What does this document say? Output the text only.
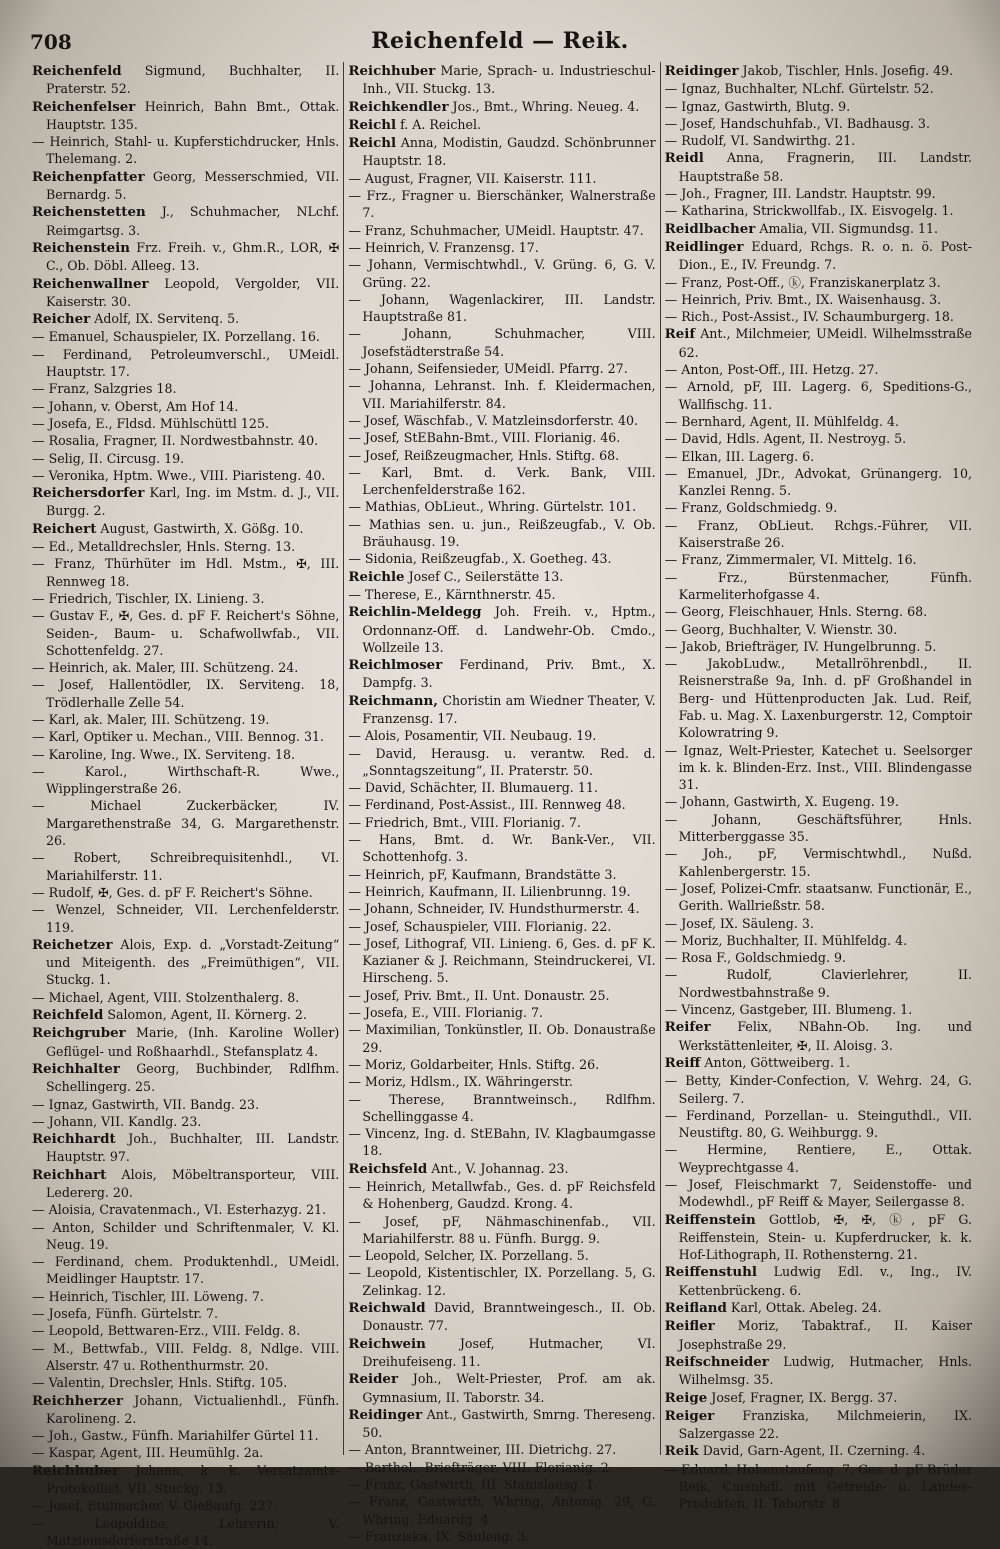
708	Reichenfeld — Reik.
Reichenfeld Sigmund, Buchhalter, II. Praterstr. 52.
Reichenfelser Heinrich, Bahn Bmt., Ottak. Hauptstr. 135.
— Heinrich, Stahl- u. Kupferstichdrucker, Hnls. Thelemang. 2.
Reichenpfatter Georg, Messerschmied, VII. Bernardg. 5.
Reichenstetten J., Schuhmacher, NLchf. Reimgartsg. 3.
Reichenstein Frz. Freih. v., Ghm.R., LOR, ✠ C., Ob. Döbl. Alleeg. 13.
Reichenwallner Leopold, Vergolder, VII. Kaiserstr. 30.
Reicher Adolf, IX. Servitenq. 5.
— Emanuel, Schauspieler, IX. Porzellang. 16.
— Ferdinand, Petroleumverschl., UMeidl. Hauptstr. 17.
— Franz, Salzgries 18.
— Johann, v. Oberst, Am Hof 14.
— Josefa, E., Fldsd. Mühlschüttl 125.
— Rosalia, Fragner, II. Nordwestbahnstr. 40.
— Selig, II. Circusg. 19.
— Veronika, Hptm. Wwe., VIII. Piaristeng. 40.
Reichersdorfer Karl, Ing. im Mstm. d. J., VII. Burgg. 2.
Reichert August, Gastwirth, X. Gößg. 10.
— Ed., Metalldrechsler, Hnls. Sterng. 13.
— Franz, Thürhüter im Hdl. Mstm., ✠, III. Rennweg 18.
— Friedrich, Tischler, IX. Linieng. 3.
— Gustav F., ✠, Ges. d. pF F. Reichert's Söhne, Seiden-, Baum- u. Schafwollwfab., VII. Schottenfeldg. 27.
— Heinrich, ak. Maler, III. Schützeng. 24.
— Josef, Hallentödler, IX. Serviteng. 18, Trödlerhalle Zelle 54.
— Karl, ak. Maler, III. Schützeng. 19.
— Karl, Optiker u. Mechan., VIII. Bennog. 31.
— Karoline, Ing. Wwe., IX. Serviteng. 18.
— Karol., Wirthschaft-R. Wwe., Wipplingerstraße 26.
— Michael Zuckerbäcker, IV. Margarethenstraße 34, G. Margarethenstr. 26.
— Robert, Schreibrequisitenhdl., VI. Mariahilferstr. 11.
— Rudolf, ✠, Ges. d. pF F. Reichert's Söhne.
— Wenzel, Schneider, VII. Lerchenfelderstr. 119.
Reichetzer Alois, Exp. d. „Vorstadt-Zeitung“ und Miteigenth. des „Freimüthigen“, VII. Stuckg. 1.
— Michael, Agent, VIII. Stolzenthalerg. 8.
Reichfeld Salomon, Agent, II. Körnerg. 2.
Reichgruber Marie, (Inh. Karoline Woller) Geflügel- und Roßhaarhdl., Stefansplatz 4.
Reichhalter Georg, Buchbinder, Rdlfhm. Schellingerg. 25.
— Ignaz, Gastwirth, VII. Bandg. 23.
— Johann, VII. Kandlg. 23.
Reichhardt Joh., Buchhalter, III. Landstr. Hauptstr. 97.
Reichhart Alois, Möbeltransporteur, VIII. Ledererg. 20.
— Aloisia, Cravatenmach., VI. Esterhazyg. 21.
— Anton, Schilder und Schriftenmaler, V. Kl. Neug. 19.
— Ferdinand, chem. Produktenhdl., UMeidl. Meidlinger Hauptstr. 17.
— Heinrich, Tischler, III. Löweng. 7.
— Josefa, Fünfh. Gürtelstr. 7.
— Leopold, Bettwaren-Erz., VIII. Feldg. 8.
— M., Bettwfab., VIII. Feldg. 8, Ndlge. VIII. Alserstr. 47 u. Rothenthurmstr. 20.
— Valentin, Drechsler, Hnls. Stiftg. 105.
Reichherzer Johann, Victualienhdl., Fünfh. Karolineng. 2.
— Joh., Gastw., Fünfh. Mariahilfer Gürtel 11.
— Kaspar, Agent, III. Heumühlg. 2a.
Reichhuber Johann, k. k. Versatzamts-Protokollist, VII. Stuckg. 13.
— Josef, Etuimacher, V. Gießaufg. 227.
— Leopoldine, Lehrerin, V. Matzleinsdorferstraße 14.
Reichhuber Marie, Sprach- u. Industrieschul-Inh., VII. Stuckg. 13.
Reichkendler Jos., Bmt., Whring. Neueg. 4.
Reichl f. A. Reichel.
Reichl Anna, Modistin, Gaudzd. Schönbrunner Hauptstr. 18.
— August, Fragner, VII. Kaiserstr. 111.
— Frz., Fragner u. Bierschänker, Walnerstraße 7.
— Franz, Schuhmacher, UMeidl. Hauptstr. 47.
— Heinrich, V. Franzensg. 17.
— Johann, Vermischtwhdl., V. Grüng. 6, G. V. Grüng. 22.
— Johann, Wagenlackirer, III. Landstr. Hauptstraße 81.
— Johann, Schuhmacher, VIII. Josefstädterstraße 54.
— Johann, Seifensieder, UMeidl. Pfarrg. 27.
— Johanna, Lehranst. Inh. f. Kleidermachen, VII. Mariahilferstr. 84.
— Josef, Wäschfab., V. Matzleinsdorferstr. 40.
— Josef, StEBahn-Bmt., VIII. Florianig. 46.
— Josef, Reißzeugmacher, Hnls. Stiftg. 68.
— Karl, Bmt. d. Verk. Bank, VIII. Lerchenfelderstraße 162.
— Mathias, ObLieut., Whring. Gürtelstr. 101.
— Mathias sen. u. jun., Reißzeugfab., V. Ob. Bräuhausg. 19.
— Sidonia, Reißzeugfab., X. Goetheg. 43.
Reichle Josef C., Seilerstätte 13.
— Therese, E., Kärnthnerstr. 45.
Reichlin-Meldegg Joh. Freih. v., Hptm., Ordonnanz-Off. d. Landwehr-Ob. Cmdo., Wollzeile 13.
Reichlmoser Ferdinand, Priv. Bmt., X. Dampfg. 3.
Reichmann, Choristin am Wiedner Theater, V. Franzensg. 17.
— Alois, Posamentir, VII. Neubaug. 19.
— David, Herausg. u. verantw. Red. d. „Sonntagszeitung“, II. Praterstr. 50.
— David, Schächter, II. Blumauerg. 11.
— Ferdinand, Post-Assist., III. Rennweg 48.
— Friedrich, Bmt., VIII. Florianig. 7.
— Hans, Bmt. d. Wr. Bank-Ver., VII. Schottenhofg. 3.
— Heinrich, pF, Kaufmann, Brandstätte 3.
— Heinrich, Kaufmann, II. Lilienbrunng. 19.
— Johann, Schneider, IV. Hundsthurmerstr. 4.
— Josef, Schauspieler, VIII. Florianig. 22.
— Josef, Lithograf, VII. Linieng. 6, Ges. d. pF K. Kazianer & J. Reichmann, Steindruckerei, VI. Hirscheng. 5.
— Josef, Priv. Bmt., II. Unt. Donaustr. 25.
— Josefa, E., VIII. Florianig. 7.
— Maximilian, Tonkünstler, II. Ob. Donaustraße 29.
— Moriz, Goldarbeiter, Hnls. Stiftg. 26.
— Moriz, Hdlsm., IX. Währingerstr.
— Therese, Branntweinsch., Rdlfhm. Schellinggasse 4.
— Vincenz, Ing. d. StEBahn, IV. Klagbaumgasse 18.
Reichsfeld Ant., V. Johannag. 23.
— Heinrich, Metallwfab., Ges. d. pF Reichsfeld & Hohenberg, Gaudzd. Krong. 4.
— Josef, pF, Nähmaschinenfab., VII. Mariahilferstr. 88 u. Fünfh. Burgg. 9.
— Leopold, Selcher, IX. Porzellang. 5.
— Leopold, Kistentischler, IX. Porzellang. 5, G. Zelinkag. 12.
Reichwald David, Branntweingesch., II. Ob. Donaustr. 77.
Reichwein	Josef, Hutmacher, VI. Dreihufeiseng. 11.
Reider Joh., Welt-Priester, Prof. am ak. Gymnasium, II. Taborstr. 34.
Reidinger Ant., Gastwirth, Smrng. Thereseng. 50.
— Anton, Branntweiner, III. Dietrichg. 27.
— Barthol., Briefträger, VIII. Florianig. 2.
— Franz, Gastwirth, III. Stanislausg. 1.
— Franz, Gastwirth, Whring. Antonig. 29, G. Whring. Eduardg. 4.
— Franziska, IX. Säuleng. 3.
Reidinger Jakob, Tischler, Hnls. Josefig. 49.
— Ignaz, Buchhalter, NLchf. Gürtelstr. 52.
— Ignaz, Gastwirth, Blutg. 9.
— Josef, Handschuhfab., VI. Badhausg. 3.
— Rudolf, VI. Sandwirthg. 21.
Reidl Anna, Fragnerin, III. Landstr. Hauptstraße 58.
— Joh., Fragner, III. Landstr. Hauptstr. 99.
— Katharina, Strickwollfab., IX. Eisvogelg. 1.
Reidlbacher Amalia, VII. Sigmundsg. 11.
Reidlinger Eduard, Rchgs. R. o. n. ö. Post-Dion., E., IV. Freundg. 7.
— Franz, Post-Off., ⓚ, Franziskanerplatz 3.
— Heinrich, Priv. Bmt., IX. Waisenhausg. 3.
— Rich., Post-Assist., IV. Schaumburgerg. 18.
Reif Ant., Milchmeier, UMeidl. Wilhelmsstraße 62.
— Anton, Post-Off., III. Hetzg. 27.
— Arnold, pF, III. Lagerg. 6, Speditions-G., Wallfischg. 11.
— Bernhard, Agent, II. Mühlfeldg. 4.
— David, Hdls. Agent, II. Nestroyg. 5.
— Elkan, III. Lagerg. 6.
— Emanuel, JDr., Advokat, Grünangerg. 10, Kanzlei Renng. 5.
— Franz, Goldschmiedg. 9.
— Franz, ObLieut. Rchgs.-Führer, VII. Kaiserstraße 26.
— Franz, Zimmermaler, VI. Mittelg. 16.
— Frz., Bürstenmacher, Fünfh. Karmeliterhofgasse 4.
— Georg, Fleischhauer, Hnls. Sterng. 68.
— Georg, Buchhalter, V. Wienstr. 30.
— Jakob, Briefträger, IV. Hungelbrunng. 5.
— JakobLudw., Metallröhrenbdl., II. Reisnerstraße 9a, Inh. d. pF Großhandel in Berg- und Hüttenproducten Jak. Lud. Reif, Fab. u. Mag. X. Laxenburgerstr. 12, Comptoir Kolowratring 9.
— Ignaz, Welt-Priester, Katechet u. Seelsorger im k. k. Blinden-Erz. Inst., VIII. Blindengasse 31.
— Johann, Gastwirth, X. Eugeng. 19.
— Johann, Geschäftsführer, Hnls. Mitterberggasse 35.
— Joh., pF, Vermischtwhdl., Nußd. Kahlenbergerstr. 15.
— Josef, Polizei-Cmfr. staatsanw. Functionär, E., Gerith. Wallrießstr. 58.
— Josef, IX. Säuleng. 3.
— Moriz, Buchhalter, II. Mühlfeldg. 4.
— Rosa F., Goldschmiedg. 9.
— Rudolf, Clavierlehrer, II. Nordwestbahnstraße 9.
— Vincenz, Gastgeber, III. Blumeng. 1.
Reifer Felix, NBahn-Ob. Ing. und Werkstättenleiter, ✠, II. Aloisg. 3.
Reiff Anton, Göttweiberg. 1.
— Betty, Kinder-Confection, V. Wehrg. 24, G. Seilerg. 7.
— Ferdinand, Porzellan- u. Steinguthdl., VII. Neustiftg. 80, G. Weihburgg. 9.
— Hermine, Rentiere, E., Ottak. Weyprechtgasse 4.
— Josef, Fleischmarkt 7, Seidenstoffe- und Modewhdl., pF Reiff & Mayer, Seilergasse 8.
Reiffenstein Gottlob, ✠, ✠, ⓚ, pF G. Reiffenstein, Stein- u. Kupferdrucker, k. k. Hof-Lithograph, II. Rothensterng. 21.
Reiffenstuhl Ludwig Edl. v., Ing., IV. Kettenbrückeng. 6.
Reifland Karl, Ottak. Abeleg. 24.
Reifler Moriz, Tabaktraf., II. Kaiser Josephstraße 29.
Reifschneider Ludwig, Hutmacher, Hnls. Wilhelmsg. 35.
Reige Josef, Fragner, IX. Bergg. 37.
Reiger Franziska, Milchmeierin, IX. Salzergasse 22.
Reik David, Garn-Agent, II. Czerning. 4.
— Eduard, Hohenstaufeng. 7, Ges. d. pF Brüder Reik, Cmsnhdl. mit Getreide- u. Landes-Produkten, II. Taborstr. 8.
